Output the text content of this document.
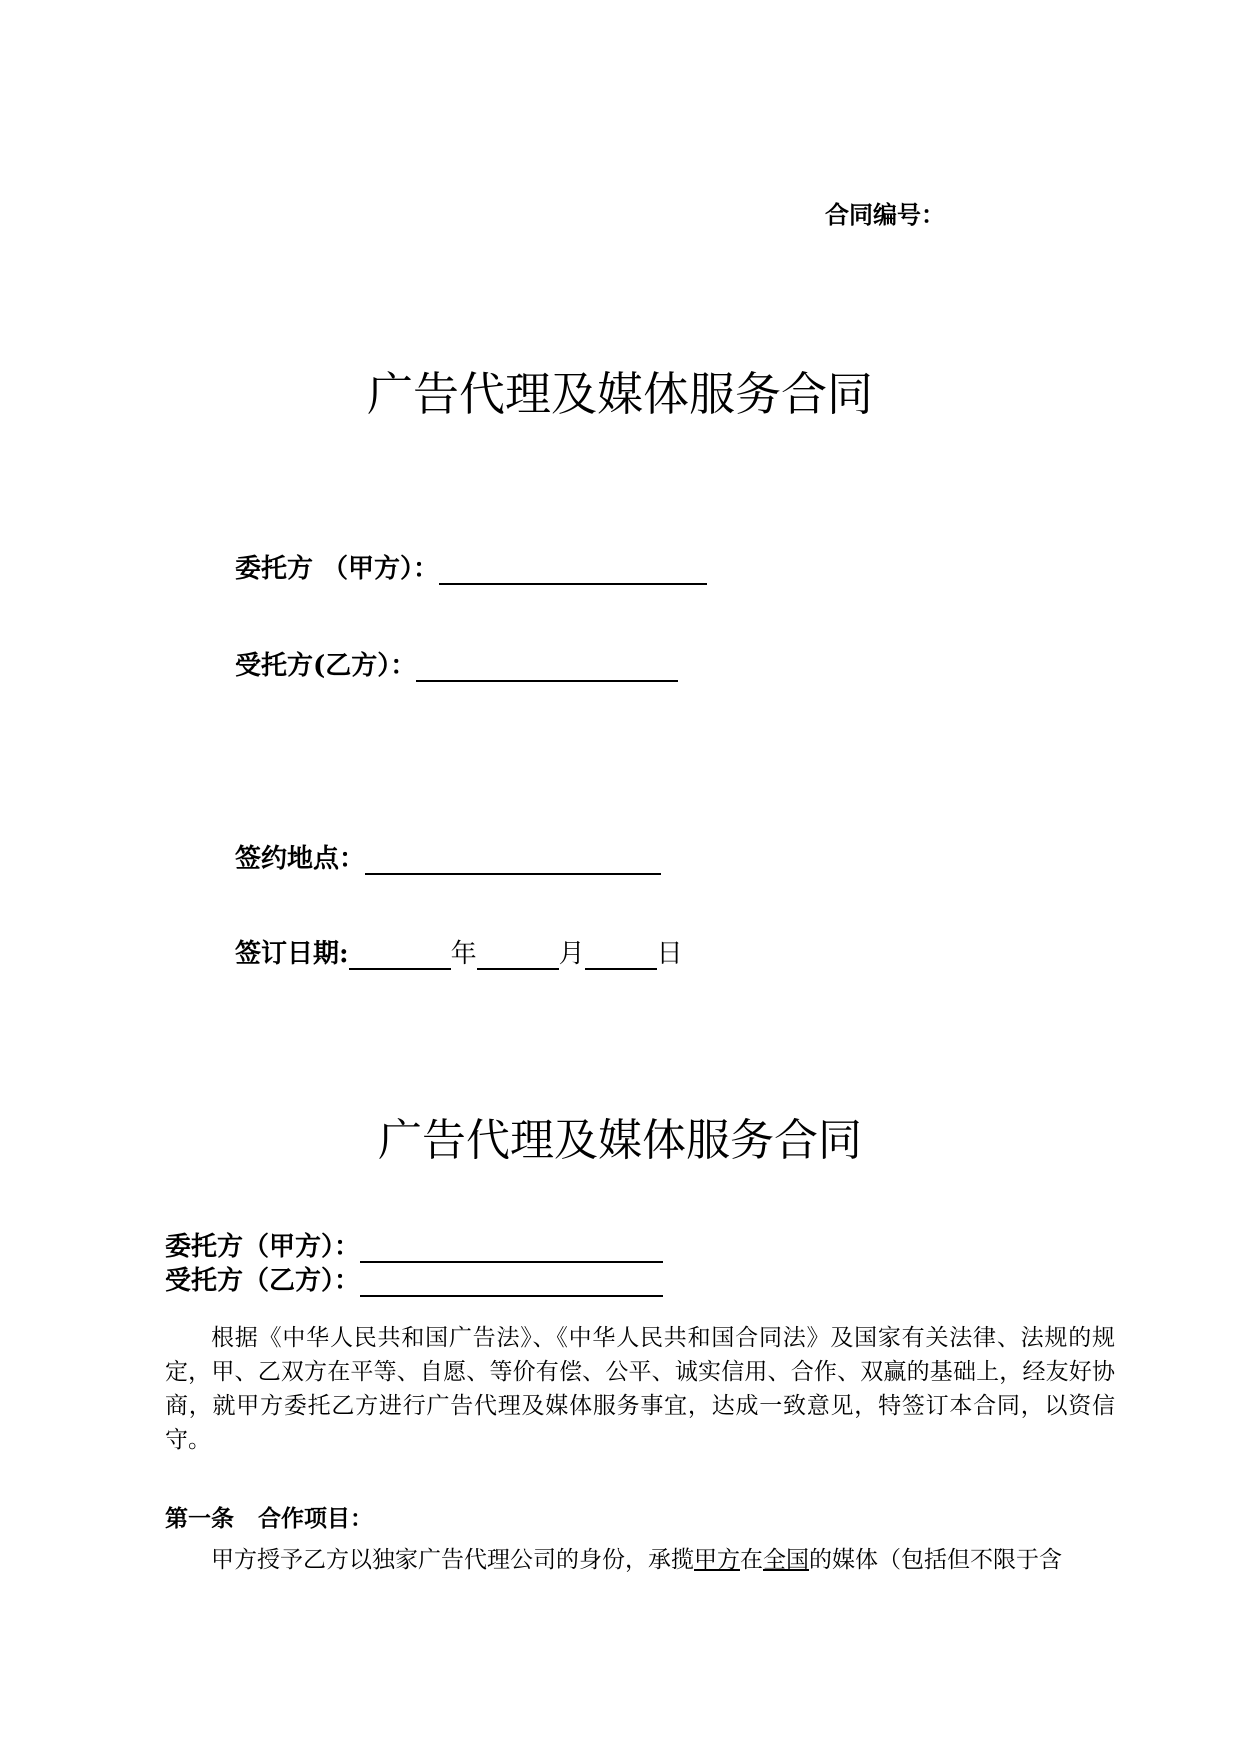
合同编号：
广告代理及媒体服务合同
委托方 （甲方）：
受托方(乙方）：
签约地点：
签订日期:	年	月	日
广告代理及媒体服务合同
委托方（甲方）：
受托方（乙方）：
根据《中华人民共和国广告法》、《中华人民共和国合同法》及国家有关法律、法规的规定，甲、乙双方在平等、自愿、等价有偿、公平、诚实信用、合作、双赢的基础上，经友好协商，就甲方委托乙方进行广告代理及媒体服务事宜，达成一致意见，特签订本合同，以资信守。
第一条 合作项目：
甲方授予乙方以独家广告代理公司的身份，承揽甲方在全国的媒体（包括但不限于含
